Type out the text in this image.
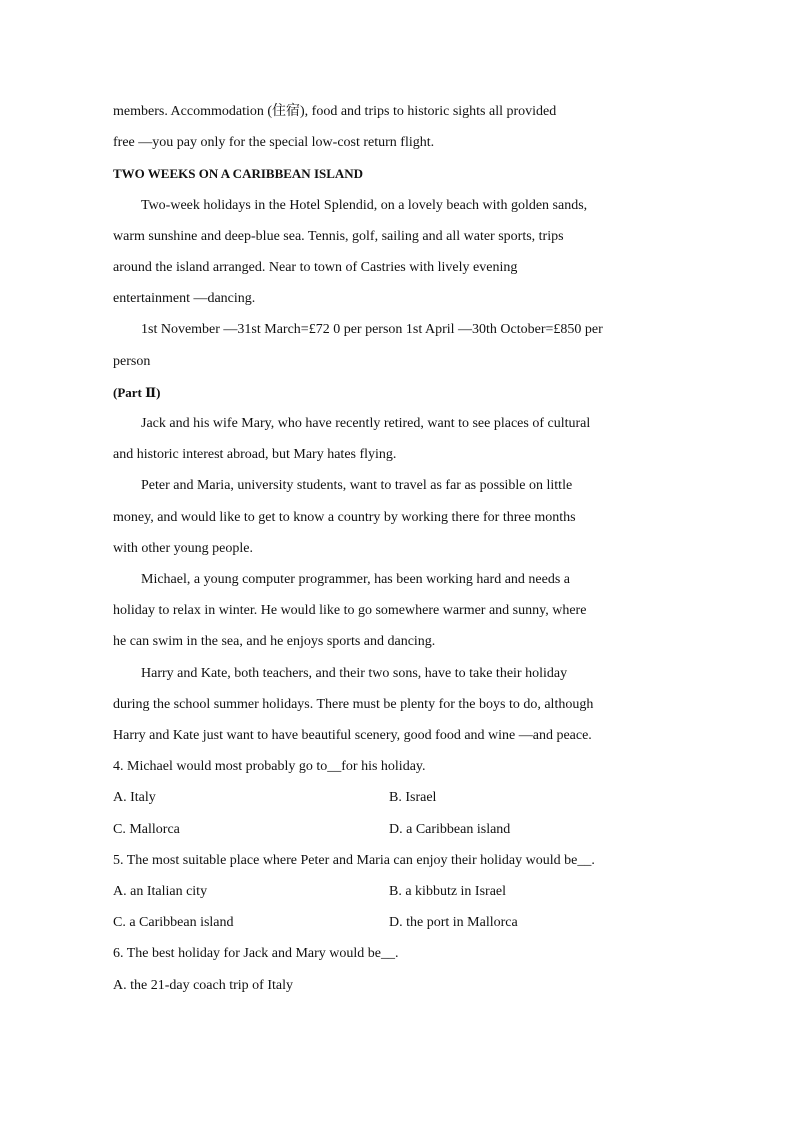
members. Accommodation (住宿), food and trips to historic sights all provided
free —you pay only for the special low-cost return flight.
TWO WEEKS ON A CARIBBEAN ISLAND
Two-week holidays in the Hotel Splendid, on a lovely beach with golden sands,
warm sunshine and deep-blue sea. Tennis, golf, sailing and all water sports, trips
around the island arranged. Near to town of Castries with lively evening
entertainment —dancing.
1st November —31st March=£72 0 per person 1st April —30th October=£850 per
person
(Part Ⅱ)
Jack and his wife Mary, who have recently retired, want to see places of cultural
and historic interest abroad, but Mary hates flying.
Peter and Maria, university students, want to travel as far as possible on little
money, and would like to get to know a country by working there for three months
with other young people.
Michael, a young computer programmer, has been working hard and needs a
holiday to relax in winter. He would like to go somewhere warmer and sunny, where
he can swim in the sea, and he enjoys sports and dancing.
Harry and Kate, both teachers, and their two sons, have to take their holiday
during the school summer holidays. There must be plenty for the boys to do, although
Harry and Kate just want to have beautiful scenery, good food and wine —and peace.
4. Michael would most probably go to__for his holiday.
A. Italy	B. Israel
C. Mallorca	D. a Caribbean island
5. The most suitable place where Peter and Maria can enjoy their holiday would be__.
A. an Italian city	B. a kibbutz in Israel
C. a Caribbean island	D. the port in Mallorca
6. The best holiday for Jack and Mary would be__.
A. the 21-day coach trip of Italy
